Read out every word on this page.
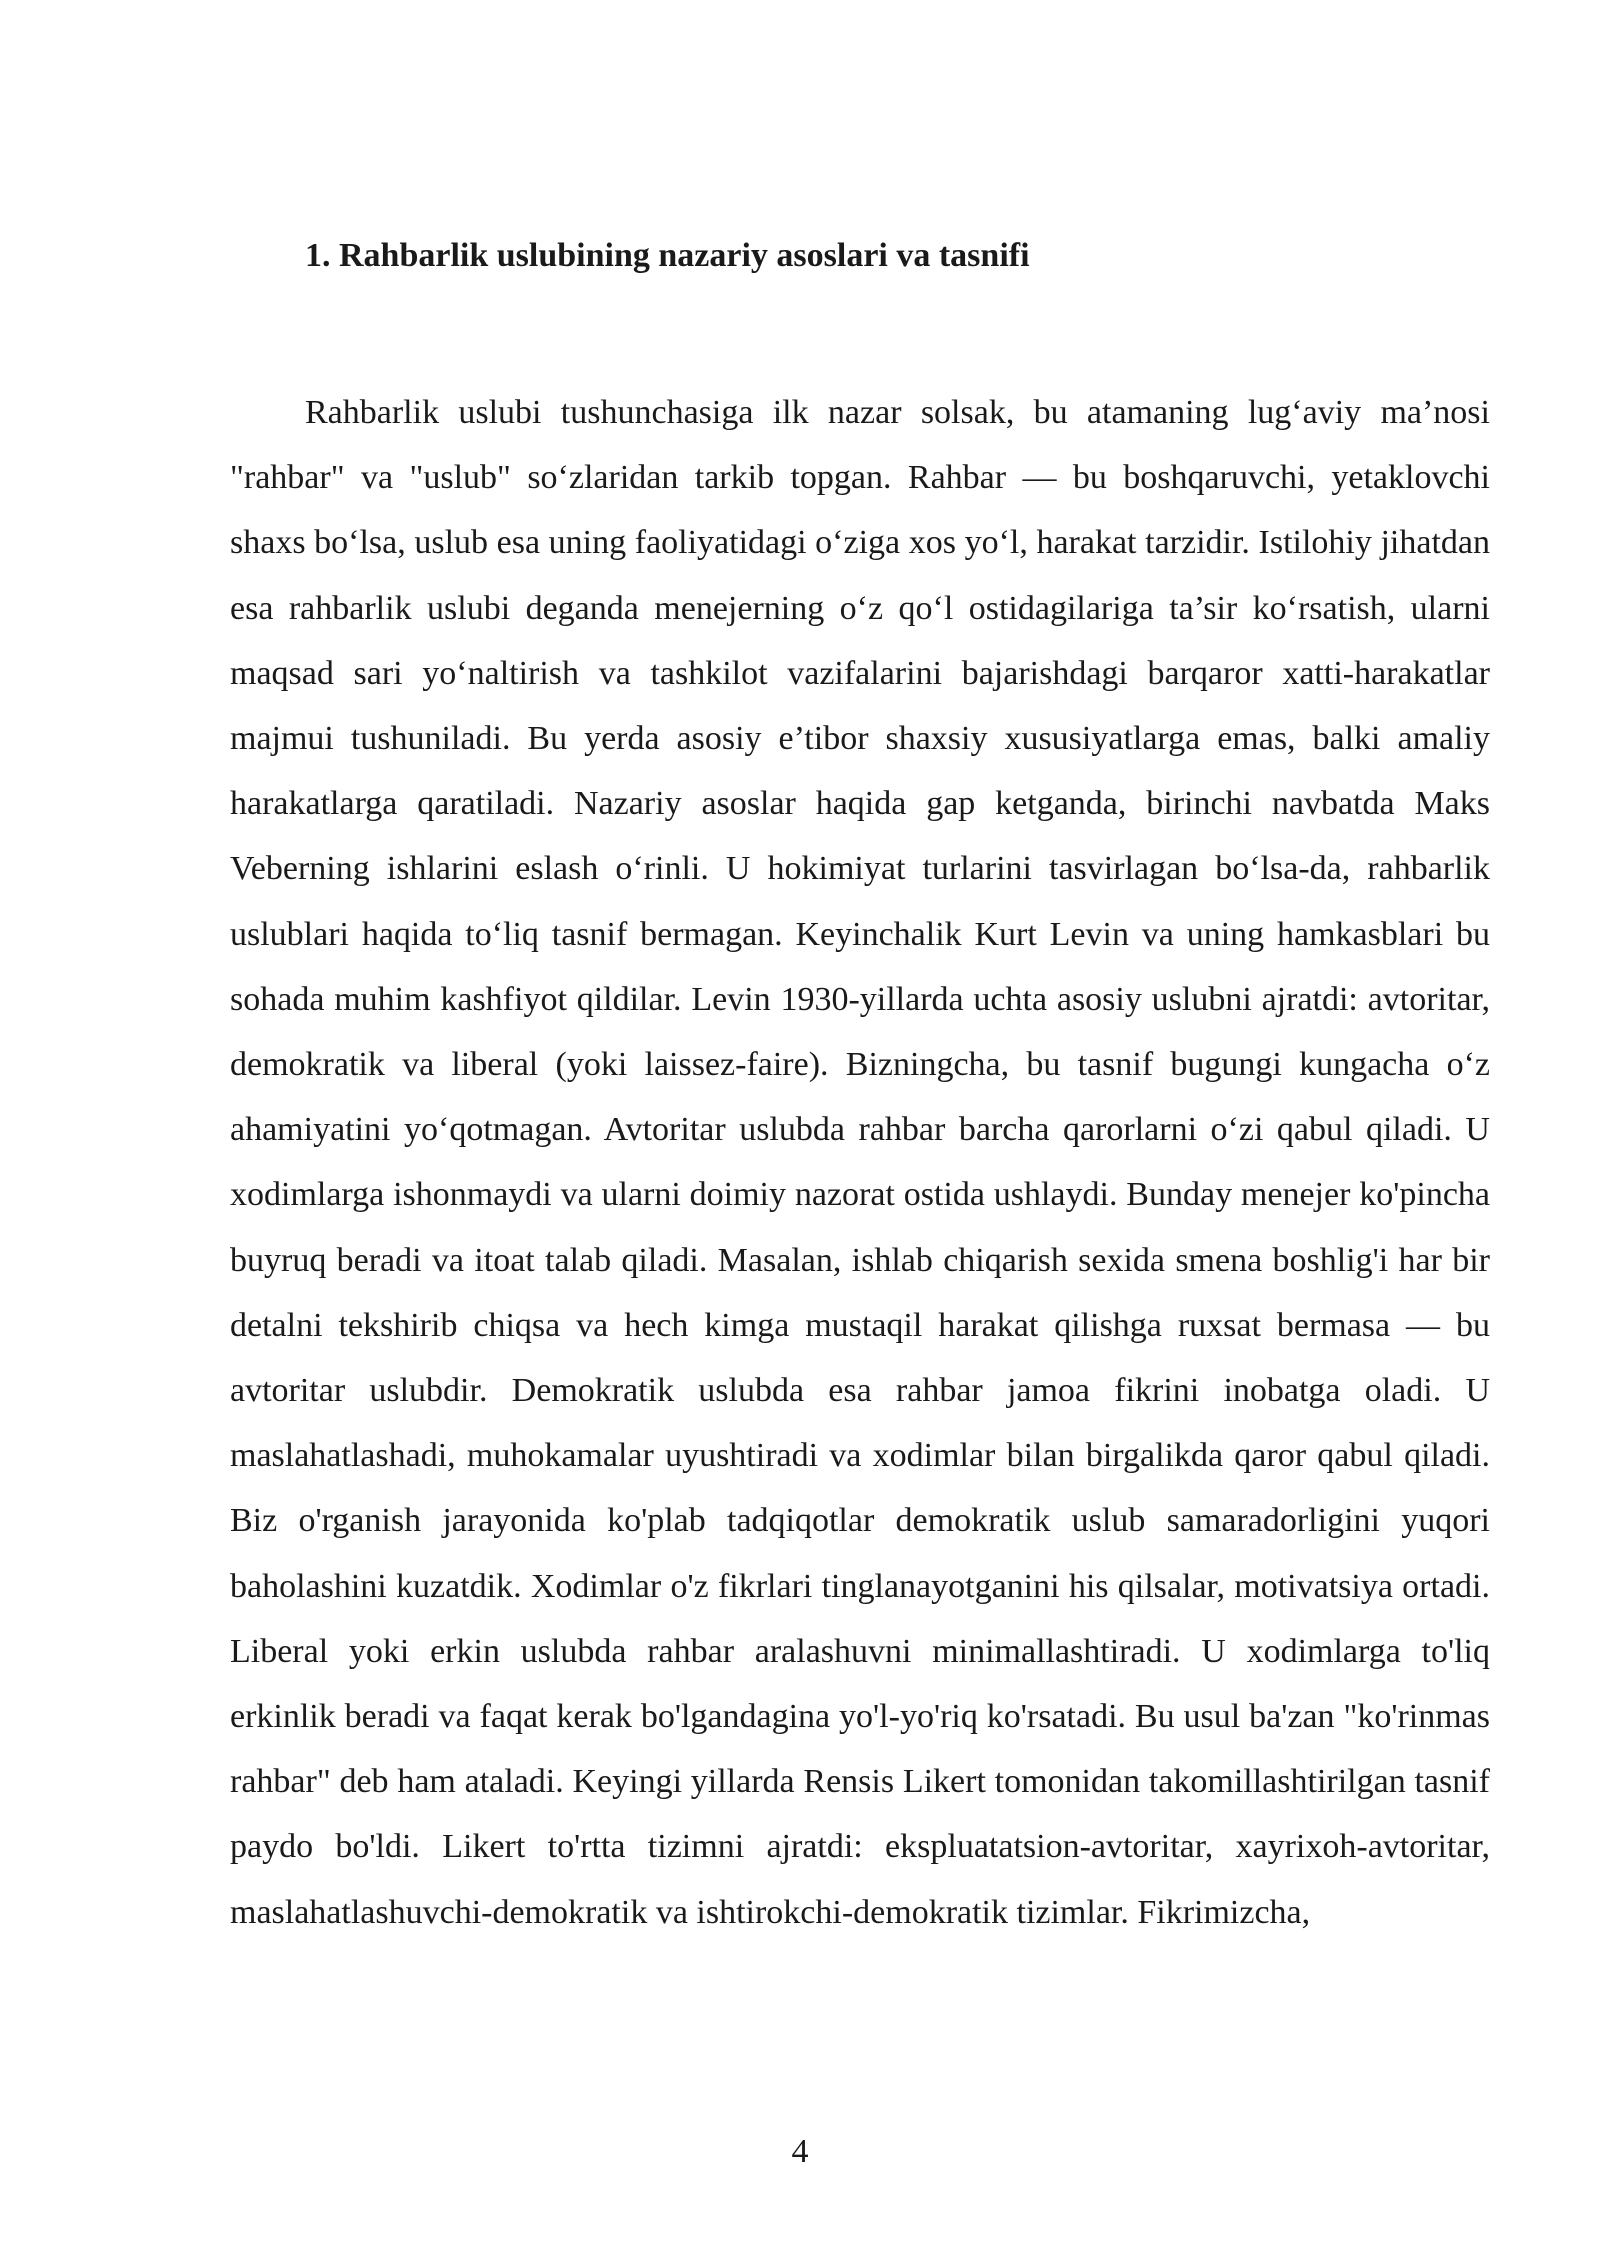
1. Rahbarlik uslubining nazariy asoslari va tasnifi

Rahbarlik uslubi tushunchasiga ilk nazar solsak, bu atamaning lug‘aviy ma’nosi "rahbar" va "uslub" so‘zlaridan tarkib topgan. Rahbar — bu boshqaruvchi, yetaklovchi shaxs bo‘lsa, uslub esa uning faoliyatidagi o‘ziga xos yo‘l, harakat tarzidir. Istilohiy jihatdan esa rahbarlik uslubi deganda menejerning o‘z qo‘l ostidagilariga ta’sir ko‘rsatish, ularni maqsad sari yo‘naltirish va tashkilot vazifalarini bajarishdagi barqaror xatti-harakatlar majmui tushuniladi. Bu yerda asosiy e’tibor shaxsiy xususiyatlarga emas, balki amaliy harakatlarga qaratiladi. Nazariy asoslar haqida gap ketganda, birinchi navbatda Maks Veberning ishlarini eslash o‘rinli. U hokimiyat turlarini tasvirlagan bo‘lsa-da, rahbarlik uslublari haqida to‘liq tasnif bermagan. Keyinchalik Kurt Levin va uning hamkasblari bu sohada muhim kashfiyot qildilar. Levin 1930-yillarda uchta asosiy uslubni ajratdi: avtoritar, demokratik va liberal (yoki laissez-faire). Bizningcha, bu tasnif bugungi kungacha o‘z ahamiyatini yo‘qotmagan. Avtoritar uslubda rahbar barcha qarorlarni o‘zi qabul qiladi. U xodimlarga ishonmaydi va ularni doimiy nazorat ostida ushlaydi. Bunday menejer ko'pincha buyruq beradi va itoat talab qiladi. Masalan, ishlab chiqarish sexida smena boshlig'i har bir detalni tekshirib chiqsa va hech kimga mustaqil harakat qilishga ruxsat bermasa — bu avtoritar uslubdir. Demokratik uslubda esa rahbar jamoa fikrini inobatga oladi. U maslahatlashadi, muhokamalar uyushtiradi va xodimlar bilan birgalikda qaror qabul qiladi. Biz o'rganish jarayonida ko'plab tadqiqotlar demokratik uslub samaradorligini yuqori baholashini kuzatdik. Xodimlar o'z fikrlari tinglanayotganini his qilsalar, motivatsiya ortadi. Liberal yoki erkin uslubda rahbar aralashuvni minimallashtiradi. U xodimlarga to'liq erkinlik beradi va faqat kerak bo'lgandagina yo'l-yo'riq ko'rsatadi. Bu usul ba'zan "ko'rinmas rahbar" deb ham ataladi. Keyingi yillarda Rensis Likert tomonidan takomillashtirilgan tasnif paydo bo'ldi. Likert to'rtta tizimni ajratdi: ekspluatatsion-avtoritar, xayrixoh-avtoritar, maslahatlashuvchi-demokratik va ishtirokchi-demokratik tizimlar. Fikrimizcha,

4
